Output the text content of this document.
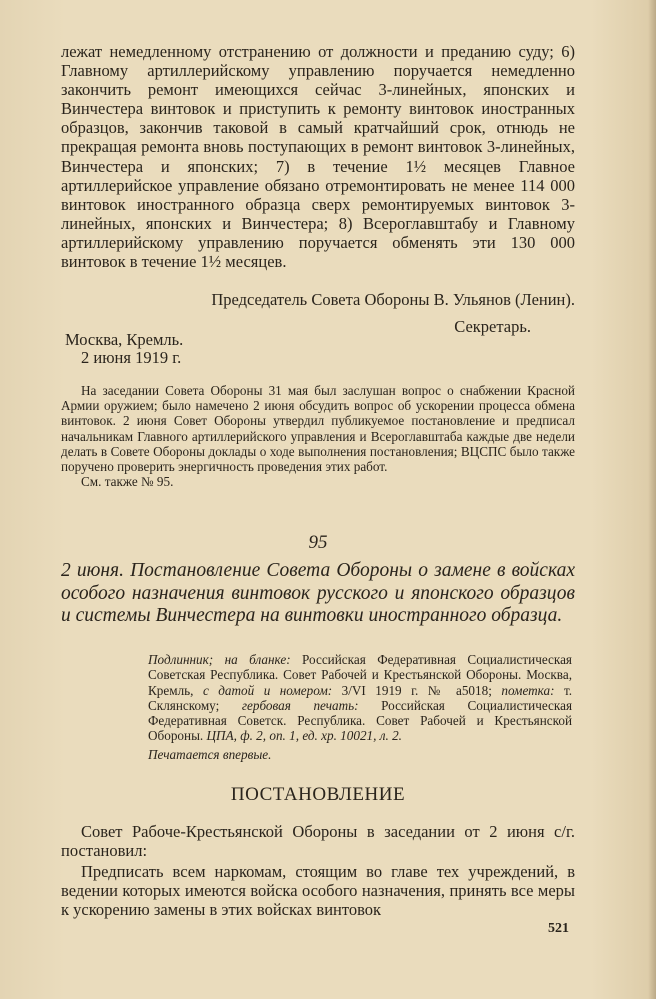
лежат немедленному отстранению от должности и преданию суду; 6) Главному артиллерийскому управлению поручается немедленно закончить ремонт имеющихся сейчас 3-линейных, японских и Винчестера винтовок и приступить к ремонту винтовок иностранных образцов, закончив таковой в самый кратчайший срок, отнюдь не прекращая ремонта вновь поступающих в ремонт винтовок 3-линейных, Винчестера и японских; 7) в течение 1½ месяцев Главное артиллерийское управление обязано отремонтировать не менее 114 000 винтовок иностранного образца сверх ремонтируемых винтовок 3-линейных, японских и Винчестера; 8) Всероглавштабу и Главному артиллерийскому управлению поручается обменять эти 130 000 винтовок в течение 1½ месяцев.

Председатель Совета Обороны В. Ульянов (Ленин).
Секретарь.
Москва, Кремль.
2 июня 1919 г.

На заседании Совета Обороны 31 мая был заслушан вопрос о снабжении Красной Армии оружием; было намечено 2 июня обсудить вопрос об ускорении процесса обмена винтовок. 2 июня Совет Обороны утвердил публикуемое постановление и предписал начальникам Главного артиллерийского управления и Всероглавштаба каждые две недели делать в Совете Обороны доклады о ходе выполнения постановления; ВЦСПС было также поручено проверить энергичность проведения этих работ.

См. также № 95.

95
2 июня. Постановление Совета Обороны о замене в войсках особого назначения винтовок русского и японского образцов и системы Винчестера на винтовки иностранного образца.

Подлинник; на бланке: Российская Федеративная Социалистическая Советская Республика. Совет Рабочей и Крестьянской Обороны. Москва, Кремль, с датой и номером: 3/VI 1919 г. № а5018; пометка: т. Склянскому; гербовая печать: Российская Социалистическая Федеративная Советск. Республика. Совет Рабочей и Крестьянской Обороны. ЦПА, ф. 2, оп. 1, ед. хр. 10021, л. 2.

Печатается впервые.

ПОСТАНОВЛЕНИЕ

Совет Рабоче-Крестьянской Обороны в заседании от 2 июня с/г. постановил:

Предписать всем наркомам, стоящим во главе тех учреждений, в ведении которых имеются войска особого назначения, принять все меры к ускорению замены в этих войсках винтовок

521
